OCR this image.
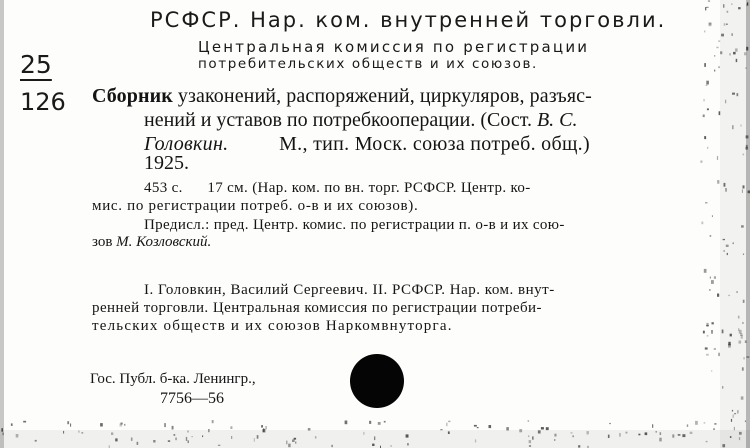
РСФСР. Нар. ком. внутренней торговли.
Центральная комиссия по регистрации
потребительских обществ и их союзов.
25
126 Сборник узаконений, распоряжений, циркуляров, разъяс-
нений и уставов по потребкооперации. (Сост. В. С.
Головкин.	М., тип. Моск. союза потреб. общ.)
1925.
453 с.      17 см. (Нар. ком. по вн. торг. РСФСР. Центр. ко-
мис. по регистрации потреб. о-в и их союзов).
Предисл.: пред. Центр. комис. по регистрации п. о-в и их сою-
зов М. Козловский.
I. Головкин, Василий Сергеевич. II. РСФСР. Нар. ком. внут-
ренней торговли. Центральная комиссия по регистрации потреби-
тельских обществ и их союзов Наркомвнуторга.
Гос. Публ. б-ка. Ленингр.,
7756—56
